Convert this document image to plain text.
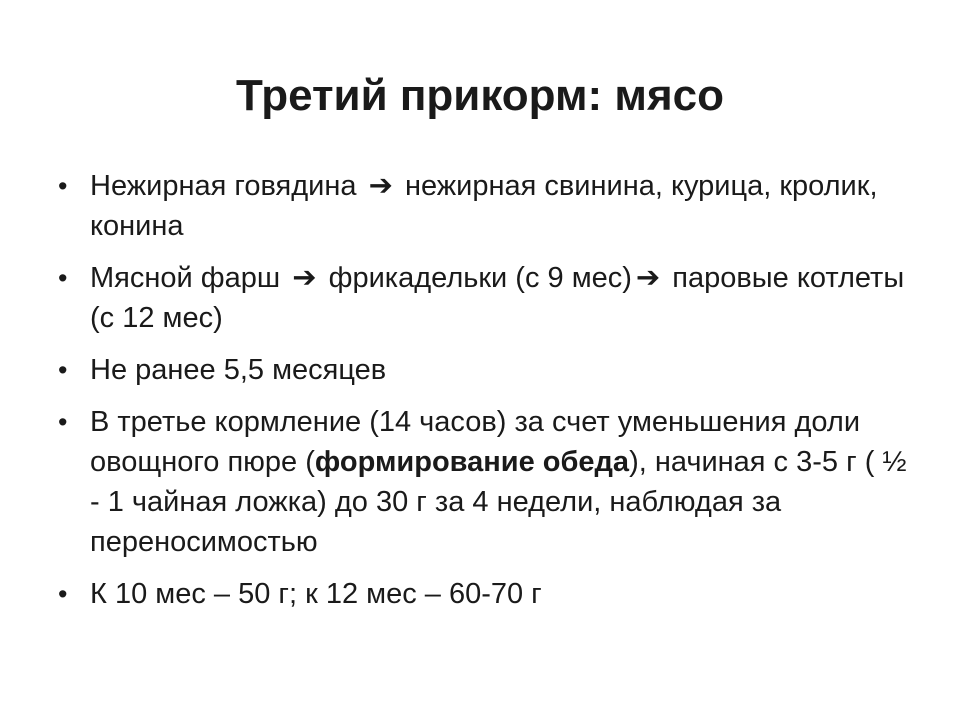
Третий прикорм: мясо
• Нежирная говядина ➔ нежирная свинина, курица, кролик, конина
• Мясной фарш ➔ фрикадельки (с 9 мес) ➔ паровые котлеты (с 12 мес)
• Не ранее 5,5 месяцев
• В третье кормление (14 часов) за счет уменьшения доли овощного пюре (формирование обеда), начиная с 3-5 г ( ½ - 1 чайная ложка) до 30 г за 4 недели, наблюдая за переносимостью
• К 10 мес – 50 г; к 12 мес – 60-70 г
